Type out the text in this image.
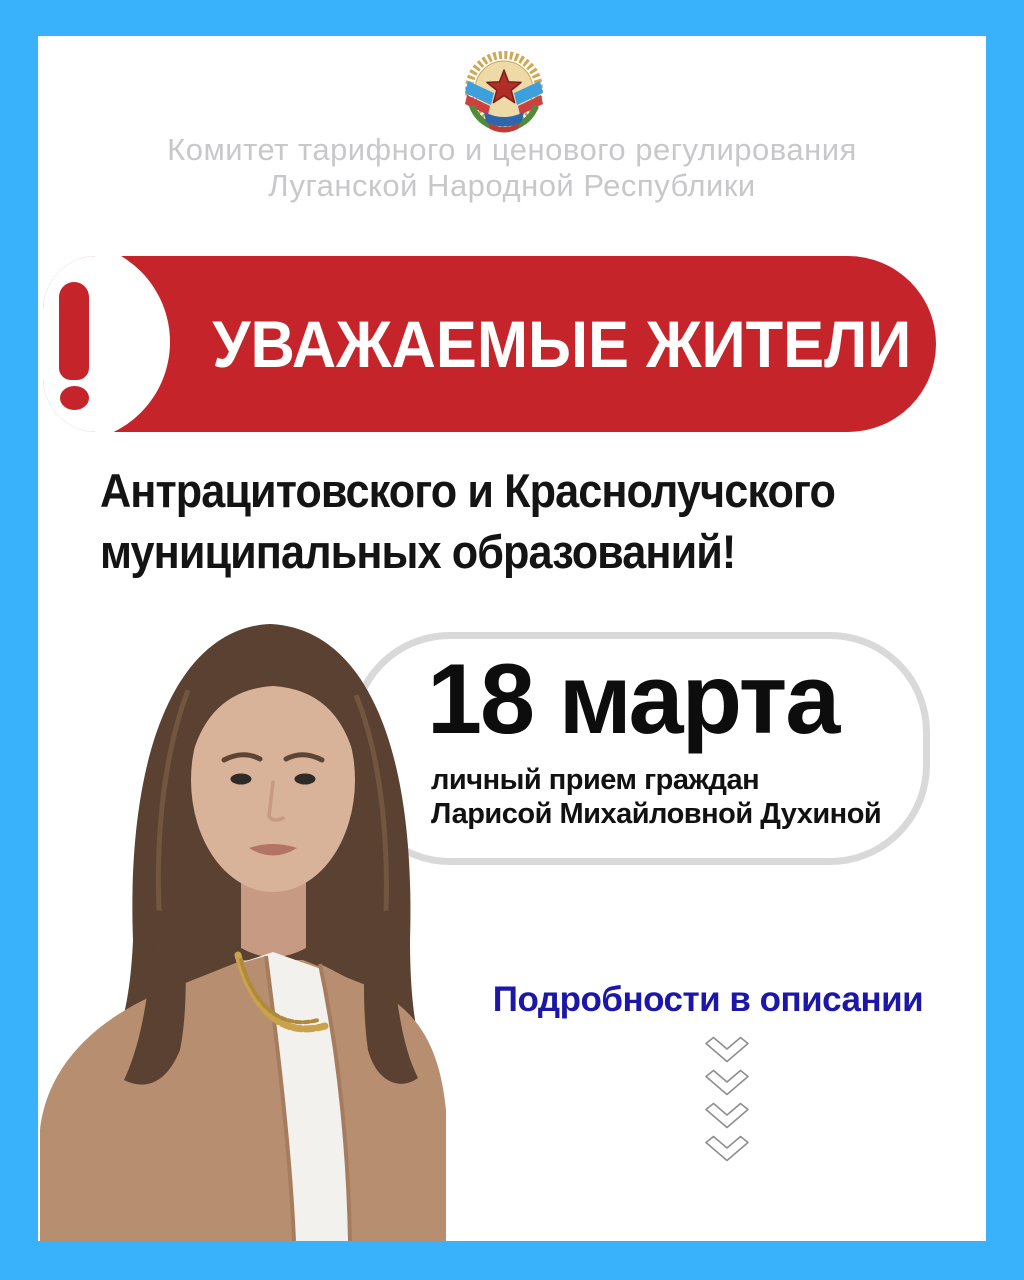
Комитет тарифного и ценового регулирования
Луганской Народной Республики
УВАЖАЕМЫЕ ЖИТЕЛИ
Антрацитовского и Краснолучского
муниципальных образований!
18 марта
личный прием граждан
Ларисой Михайловной Духиной
Подробности в описании
